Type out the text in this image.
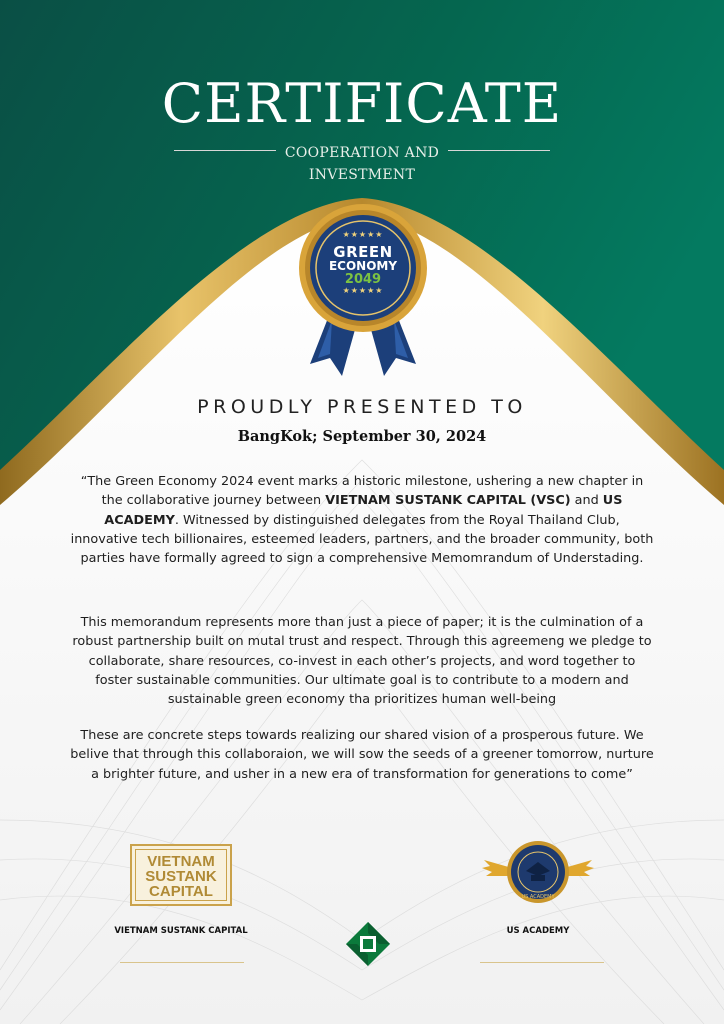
CERTIFICATE
COOPERATION AND INVESTMENT
★★★★★
GREEN
ECONOMY
2049
★★★★★
PROUDLY PRESENTED TO
BangKok; September 30, 2024
“The Green Economy 2024 event marks a historic milestone, ushering a new chapter in the collaborative journey between VIETNAM SUSTANK CAPITAL (VSC) and US ACADEMY. Witnessed by distinguished delegates from the Royal Thailand Club, innovative tech billionaires, esteemed leaders, partners, and the broader community, both parties have formally agreed to sign a comprehensive Memomrandum of Understading.
This memorandum represents more than just a piece of paper; it is the culmination of a robust partnership built on mutal trust and respect. Through this agreemeng we pledge to collaborate, share resources, co-invest in each other’s projects, and word together to foster sustainable communities. Our ultimate goal is to contribute to a modern and sustainable green economy tha prioritizes human well-being
These are concrete steps towards realizing our shared vision of a prosperous future. We belive that through this collaboraion, we will sow the seeds of a greener tomorrow, nurture a brighter future, and usher in a new era of transformation for generations to come”
VIETNAM
SUSTANK
CAPITAL
VIETNAM SUSTANK CAPITAL
US ACADEMY
US ACADEMY
